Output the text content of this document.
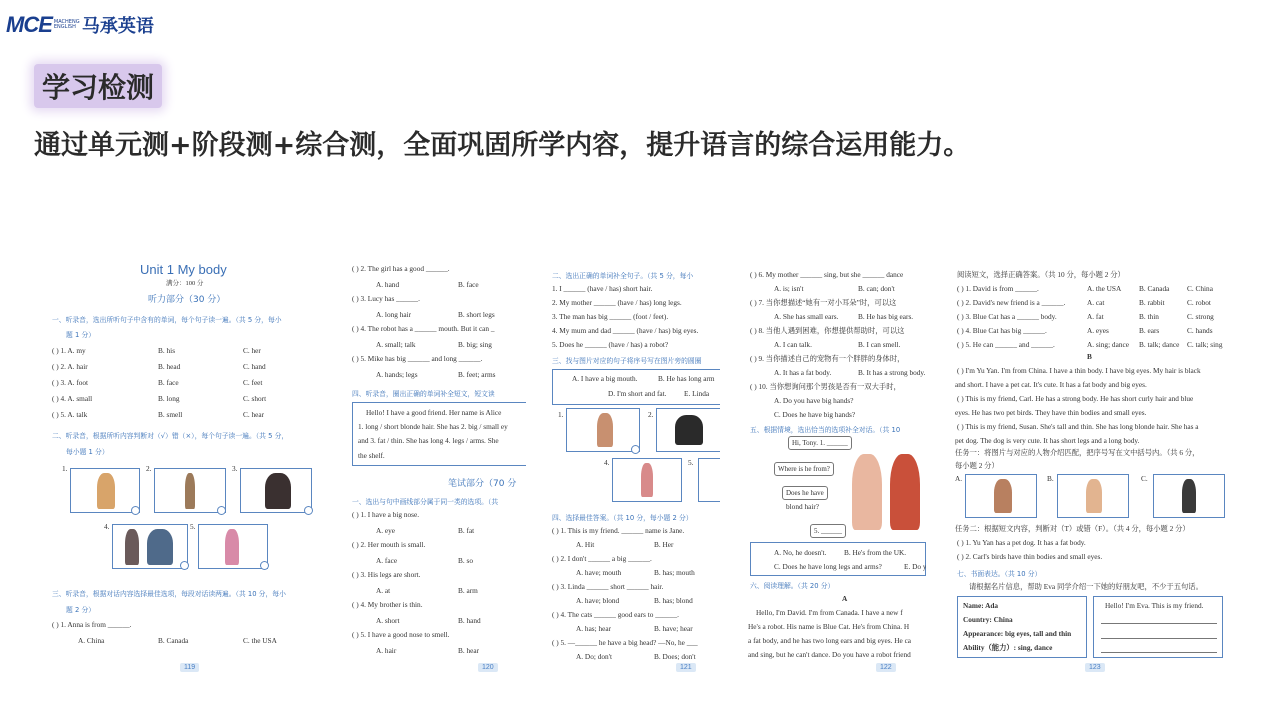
MCE MACHENG ENGLISH 马承英语
学习检测
通过单元测+阶段测+综合测，全面巩固所学内容，提升语言的综合运用能力。
Unit 1 My body
满分：100 分
听力部分（30 分）
一、听录音，选出所听句子中含有的单词，每个句子读一遍。（共 5 分，每小
题 1 分）
( ) 1. A. my	B. his	C. her
( ) 2. A. hair	B. head	C. hand
( ) 3. A. foot	B. face	C. feet
( ) 4. A. small	B. long	C. short
( ) 5. A. talk	B. smell	C. hear
二、听录音，根据所听内容判断对（√）错（×），每个句子读一遍。（共 5 分，
每小题 1 分）
1.	2.	3.
4.	5.
三、听录音，根据对话内容选择最佳选项，每段对话读两遍。（共 10 分，每小
题 2 分）
( ) 1. Anna is from ______.
A. China	B. Canada	C. the USA
119
( ) 2. The girl has a good ______.
A. hand	B. face
( ) 3. Lucy has ______.
A. long hair	B. short legs
( ) 4. The robot has a ______ mouth. But it can _
A. small; talk	B. big; sing
( ) 5. Mike has big ______ and long ______.
A. hands; legs	B. feet; arms
四、听录音，圈出正确的单词补全短文，短文读
Hello! I have a good friend. Her name is Alice
1. long / short blonde hair. She has 2. big / small ey
and 3. fat / thin. She has long 4. legs / arms. She
the shelf.
笔试部分（70 分
一、选出与句中画线部分属于同一类的选项。（共
( ) 1. I have a big nose.
A. eye	B. fat
( ) 2. Her mouth is small.
A. face	B. so
( ) 3. His legs are short.
A. at	B. arm
( ) 4. My brother is thin.
A. short	B. hand
( ) 5. I have a good nose to smell.
A. hair	B. hear
120
二、选出正确的单词补全句子。（共 5 分，每小
1. I ______ (have / has) short hair.
2. My mother ______ (have / has) long legs.
3. The man has big ______ (foot / feet).
4. My mum and dad ______ (have / has) big eyes.
5. Does he ______ (have / has) a robot?
三、找与图片对应的句子将序号写在图片旁的圆圈
A. I have a big mouth.	B. He has long arm
D. I'm short and fat. E. Linda
1.	2.
4.	5.
四、选择最佳答案。（共 10 分，每小题 2 分）
( ) 1. This is my friend. ______ name is Jane.
A. Hit	B. Her
( ) 2. I don't ______ a big ______.
A. have; mouth	B. has; mouth
( ) 3. Linda ______ short ______ hair.
A. have; blond	B. has; blond
( ) 4. The cats ______ good ears to ______.
A. has; hear	B. have; hear
( ) 5. —______ he have a big head? —No, he ___
A. Do; don't	B. Does; don't
121
( ) 6. My mother ______ sing, but she ______ dance
A. is; isn't	B. can; don't
( ) 7. 当你想描述“她有一对小耳朵”时，可以这
A. She has small ears.	B. He has big ears.
( ) 8. 当他人遇到困难，你想提供帮助时，可以这
A. I can talk.	B. I can smell.
( ) 9. 当你描述自己的宠物有一个胖胖的身体时，
A. It has a fat body.	B. It has a strong body.
( ) 10. 当你想询问那个男孩是否有一双大手时，
A. Do you have big hands?
C. Does he have big hands?
五、根据情境，选出恰当的选项补全对话。（共 10
Hi, Tony. 1. ______
Where is he from?
Does he have
blond hair?
5. ______
A. No, he doesn't. B. He's from the UK.
C. Does he have long legs and arms?	E. Do y
六、阅读理解。（共 20 分）
A
Hello, I'm David. I'm from Canada. I have a new f
He's a robot. His name is Blue Cat. He's from China. H
a fat body, and he has two long ears and big eyes. He ca
and sing, but he can't dance. Do you have a robot friend
122
阅读短文，选择正确答案。（共 10 分，每小题 2 分）
( ) 1. David is from ______.	A. the USA B. Canada C. China
( ) 2. David's new friend is a ______.	A. cat	B. rabbit	C. robot
( ) 3. Blue Cat has a ______ body.	A. fat	B. thin	C. strong
( ) 4. Blue Cat has big ______.	A. eyes	B. ears	C. hands
( ) 5. He can ______ and ______.	A. sing; dance B. talk; dance C. talk; sing
B
( ) I'm Yu Yan. I'm from China. I have a thin body. I have big eyes. My hair is black
and short. I have a pet cat. It's cute. It has a fat body and big eyes.
( ) This is my friend, Carl. He has a strong body. He has short curly hair and blue
eyes. He has two pet birds. They have thin bodies and small eyes.
( ) This is my friend, Susan. She's tall and thin. She has long blonde hair. She has a
pet dog. The dog is very cute. It has short legs and a long body.
任务一：将图片与对应的人物介绍匹配，把序号写在文中括号内。（共 6 分，
每小题 2 分）
A.	B.	C.
任务二：根据短文内容，判断对（T）或错（F）。（共 4 分，每小题 2 分）
( ) 1. Yu Yan has a pet dog. It has a fat body.
( ) 2. Carl's birds have thin bodies and small eyes.
七、书面表达。（共 10 分）
请根据名片信息，帮助 Eva 同学介绍一下她的好朋友吧，不少于五句话。
Name: Ada
Country: China
Appearance: big eyes, tall and thin
Ability（能力）: sing, dance
Hello! I'm Eva. This is my friend.
123
